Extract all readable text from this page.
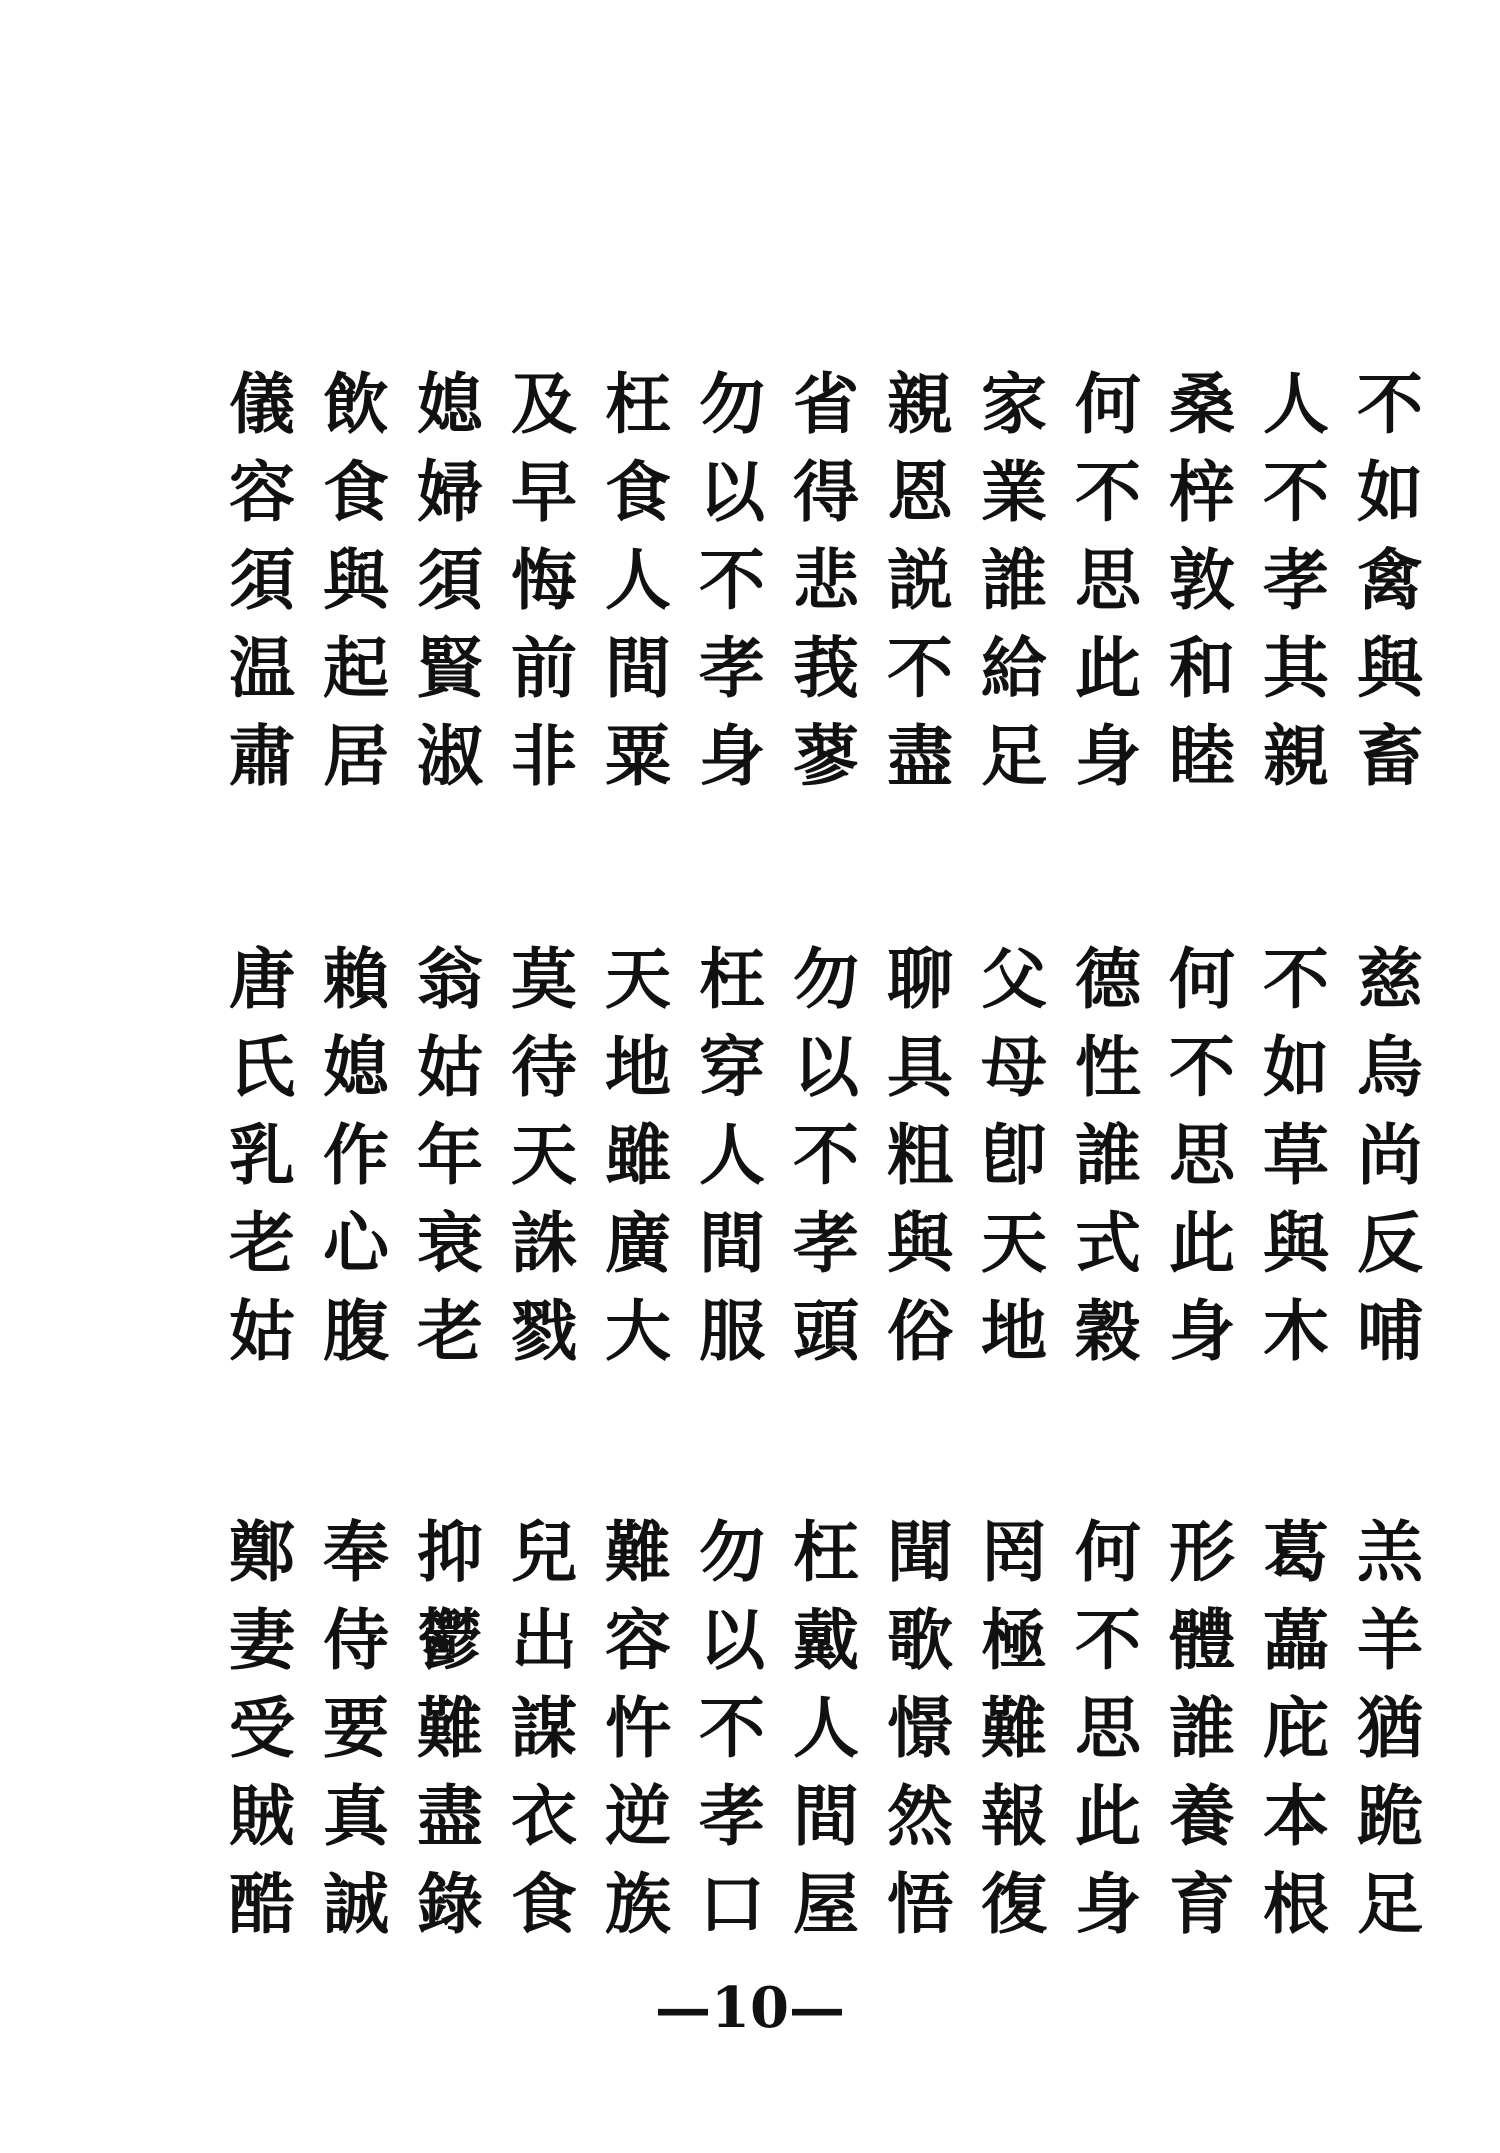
儀 飲 媳 及 枉 勿 省 親 家 何 桑 人 不
容 食 婦 早 食 以 得 恩 業 不 梓 不 如
須 與 須 悔 人 不 悲 説 誰 思 敦 孝 禽
温 起 賢 前 間 孝 莪 不 給 此 和 其 與
肅 居 淑 非 粟 身 蓼 盡 足 身 睦 親 畜
唐 賴 翁 莫 天 枉 勿 聊 父 德 何 不 慈
氏 媳 姑 待 地 穿 以 具 母 性 不 如 烏
乳 作 年 天 雖 人 不 粗 卽 誰 思 草 尚
老 心 衰 誅 廣 間 孝 與 天 式 此 與 反
姑 腹 老 戮 大 服 頭 俗 地 穀 身 木 哺
鄭 奉 抑 兒 難 勿 枉 聞 罔 何 形 葛 羔
妻 侍 鬱 出 容 以 戴 歌 極 不 體 藟 羊
受 要 難 謀 忤 不 人 憬 難 思 誰 庇 猶
賊 真 盡 衣 逆 孝 間 然 報 此 養 本 跪
酷 誠 錄 食 族 口 屋 悟 復 身 育 根 足
—10—
